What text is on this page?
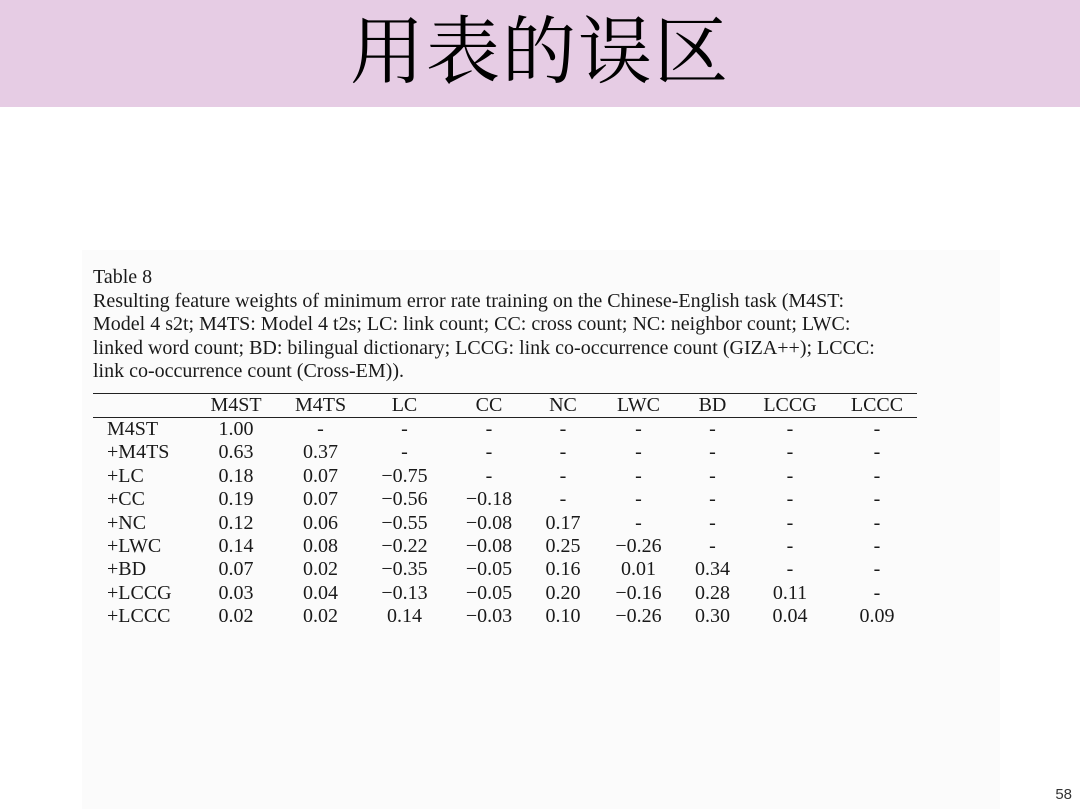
用表的误区

Table 8

Resulting feature weights of minimum error rate training on the Chinese-English task (M4ST:

Model 4 s2t; M4TS: Model 4 t2s; LC: link count; CC: cross count; NC: neighbor count; LWC:

linked word count; BD: bilingual dictionary; LCCG: link co-occurrence count (GIZA++); LCCC:

link co-occurrence count (Cross-EM)).

	M4ST	M4TS	LC	CC	NC	LWC	BD	LCCG	LCCC
M4ST	1.00	-	-	-	-	-	-	-	-
+M4TS	0.63	0.37	-	-	-	-	-	-	-
+LC	0.18	0.07	−0.75	-	-	-	-	-	-
+CC	0.19	0.07	−0.56	−0.18	-	-	-	-	-
+NC	0.12	0.06	−0.55	−0.08	0.17	-	-	-	-
+LWC	0.14	0.08	−0.22	−0.08	0.25	−0.26	-	-	-
+BD	0.07	0.02	−0.35	−0.05	0.16	0.01	0.34	-	-
+LCCG	0.03	0.04	−0.13	−0.05	0.20	−0.16	0.28	0.11	-
+LCCC	0.02	0.02	0.14	−0.03	0.10	−0.26	0.30	0.04	0.09
58
